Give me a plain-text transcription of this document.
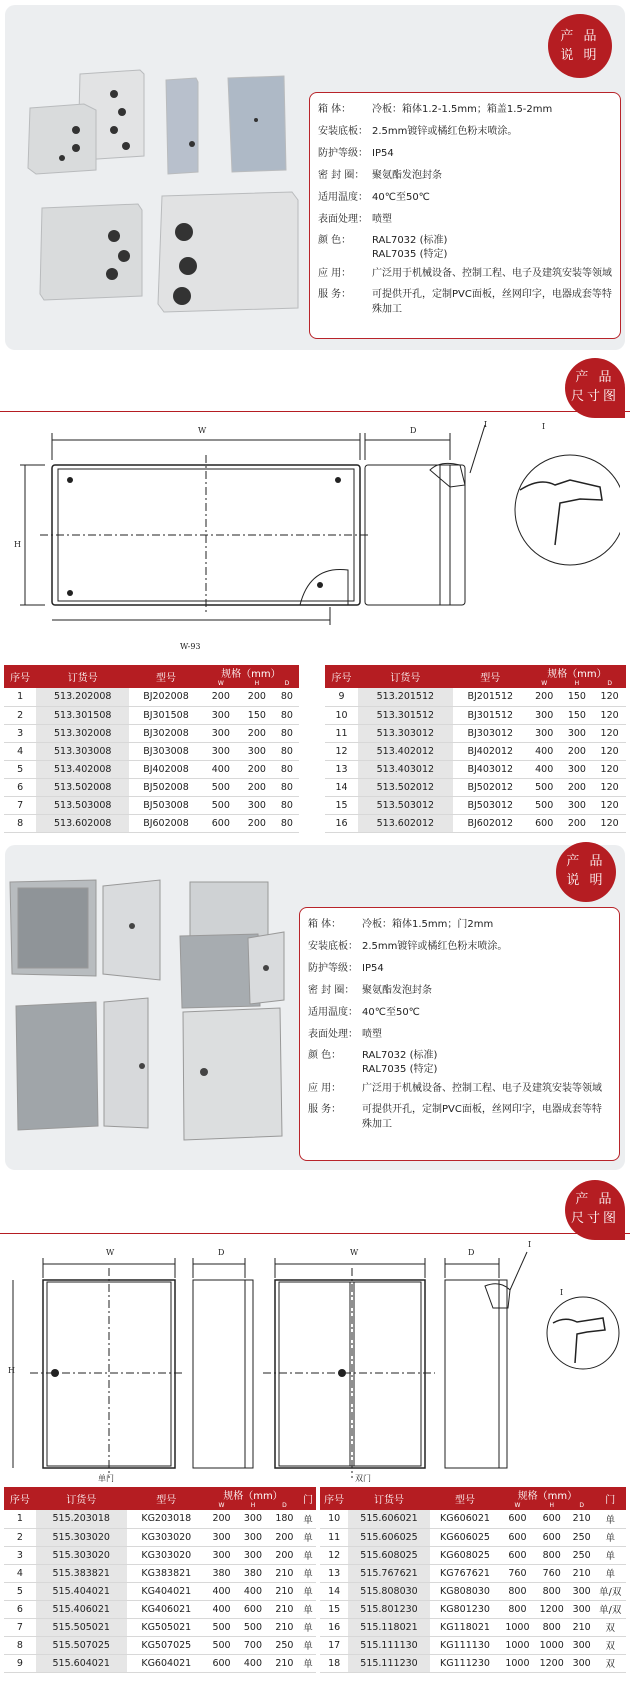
产 品
说 明
箱 体：	冷板：箱体1.2-1.5mm；箱盖1.5-2mm
安装底板： 2.5mm镀锌或橘红色粉末喷涂。
防护等级： IP54
密 封 圈： 聚氨酯发泡封条
适用温度： 40℃至50℃
表面处理： 喷塑
颜 色：	RAL7032 (标准)
RAL7035 (特定)
应 用：	广泛用于机械设备、控制工程、电子及建筑安装等领域
服 务：	可提供开孔，定制PVC面板，丝网印字，电器成套等特殊加工
产 品
尺寸图
W
H
W-93
D
I	I
序号	订货号	型号	规格（mm）		
			W	H	D
1	513.202008	BJ202008	200	200	80
2	513.301508	BJ301508	300	150	80
3	513.302008	BJ302008	300	200	80
4	513.303008	BJ303008	300	300	80
5	513.402008	BJ402008	400	200	80
6	513.502008	BJ502008	500	200	80
7	513.503008	BJ503008	500	300	80
8	513.602008	BJ602008	600	200	80
序号	订货号	型号	规格（mm）		
			W	H	D
9	513.201512	BJ201512	200	150	120
10	513.301512	BJ301512	300	150	120
11	513.303012	BJ303012	300	300	120
12	513.402012	BJ402012	400	200	120
13	513.403012	BJ403012	400	300	120
14	513.502012	BJ502012	500	200	120
15	513.503012	BJ503012	500	300	120
16	513.602012	BJ602012	600	200	120
产 品
说 明
箱 体：	冷板：箱体1.5mm；门2mm
安装底板： 2.5mm镀锌或橘红色粉末喷涂。
防护等级： IP54
密 封 圈： 聚氨酯发泡封条
适用温度： 40℃至50℃
表面处理： 喷塑
颜 色：	RAL7032 (标准)
RAL7035 (特定)
应 用：	广泛用于机械设备、控制工程、电子及建筑安装等领域
服 务：	可提供开孔，定制PVC面板，丝网印字，电器成套等特殊加工
产 品
尺寸图
W	D
H
W	D
I
I
单门	双门
序号	订货号	型号	规格（mm）			门
			W	H	D	
1	515.203018	KG203018	200	300	180	单
2	515.303020	KG303020	300	300	200	单
3	515.303020	KG303020	300	300	200	单
4	515.383821	KG383821	380	380	210	单
5	515.404021	KG404021	400	400	210	单
6	515.406021	KG406021	400	600	210	单
7	515.505021	KG505021	500	500	210	单
8	515.507025	KG507025	500	700	250	单
9	515.604021	KG604021	600	400	210	单
序号	订货号	型号	规格（mm）			门
			W	H	D	
10	515.606021	KG606021	600	600	210	单
11	515.606025	KG606025	600	600	250	单
12	515.608025	KG608025	600	800	250	单
13	515.767621	KG767621	760	760	210	单
14	515.808030	KG808030	800	800	300	单/双
15	515.801230	KG801230	800	1200	300	单/双
16	515.118021	KG118021	1000	800	210	双
17	515.111130	KG111130	1000	1000	300	双
18	515.111230	KG111230	1000	1200	300	双
